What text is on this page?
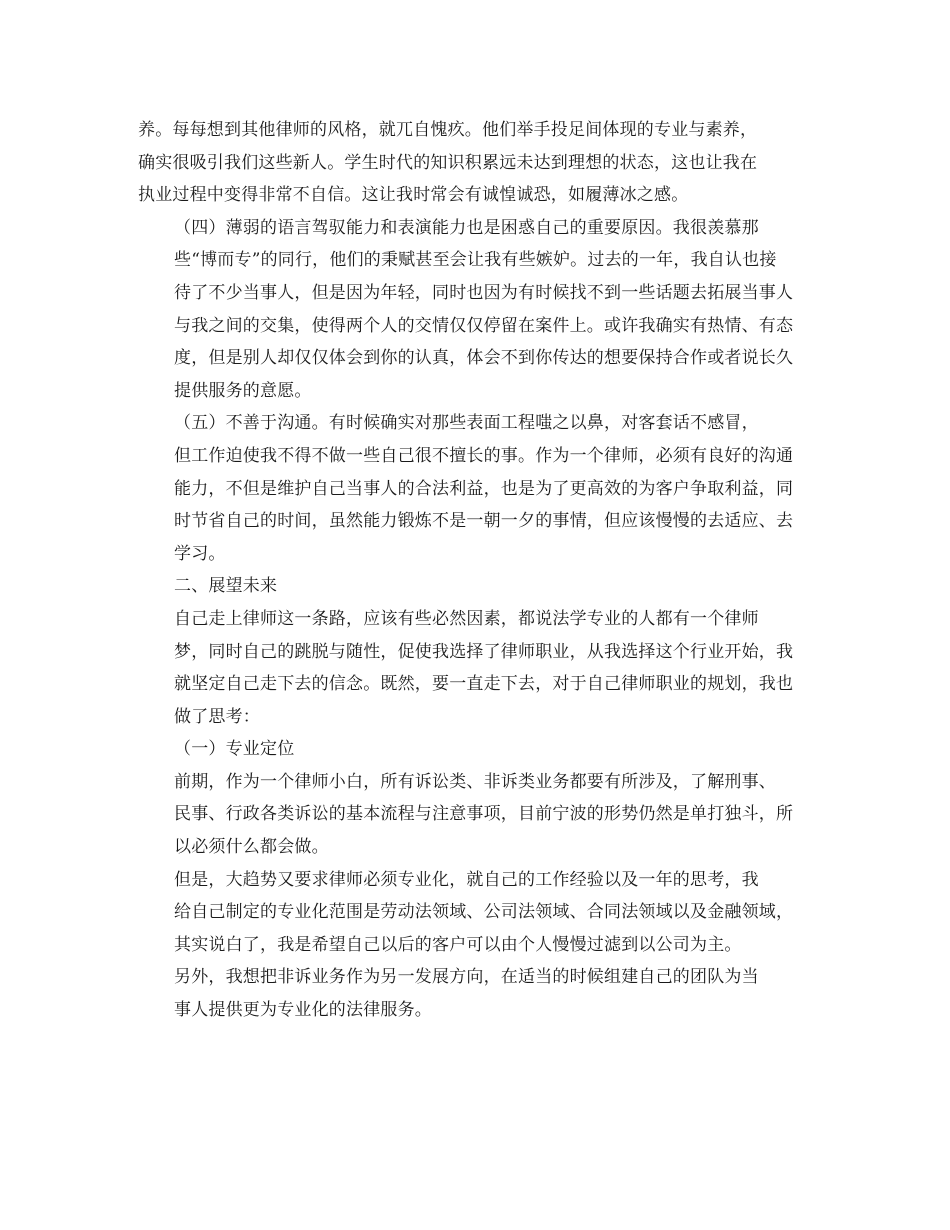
养。每每想到其他律师的风格，就兀自愧疚。他们举手投足间体现的专业与素养，
确实很吸引我们这些新人。学生时代的知识积累远未达到理想的状态，这也让我在
执业过程中变得非常不自信。这让我时常会有诚惶诚恐，如履薄冰之感。

（四）薄弱的语言驾驭能力和表演能力也是困惑自己的重要原因。我很羡慕那
些“博而专”的同行，他们的秉赋甚至会让我有些嫉妒。过去的一年，我自认也接
待了不少当事人，但是因为年轻，同时也因为有时候找不到一些话题去拓展当事人
与我之间的交集，使得两个人的交情仅仅停留在案件上。或许我确实有热情、有态
度，但是别人却仅仅体会到你的认真，体会不到你传达的想要保持合作或者说长久
提供服务的意愿。

（五）不善于沟通。有时候确实对那些表面工程嗤之以鼻，对客套话不感冒，
但工作迫使我不得不做一些自己很不擅长的事。作为一个律师，必须有良好的沟通
能力，不但是维护自己当事人的合法利益，也是为了更高效的为客户争取利益，同
时节省自己的时间，虽然能力锻炼不是一朝一夕的事情，但应该慢慢的去适应、去
学习。

二、展望未来

自己走上律师这一条路，应该有些必然因素，都说法学专业的人都有一个律师
梦，同时自己的跳脱与随性，促使我选择了律师职业，从我选择这个行业开始，我
就坚定自己走下去的信念。既然，要一直走下去，对于自己律师职业的规划，我也
做了思考：

（一）专业定位

前期，作为一个律师小白，所有诉讼类、非诉类业务都要有所涉及，了解刑事、
民事、行政各类诉讼的基本流程与注意事项，目前宁波的形势仍然是单打独斗，所
以必须什么都会做。

但是，大趋势又要求律师必须专业化，就自己的工作经验以及一年的思考，我
给自己制定的专业化范围是劳动法领域、公司法领域、合同法领域以及金融领域，
其实说白了，我是希望自己以后的客户可以由个人慢慢过滤到以公司为主。

另外，我想把非诉业务作为另一发展方向，在适当的时候组建自己的团队为当
事人提供更为专业化的法律服务。
